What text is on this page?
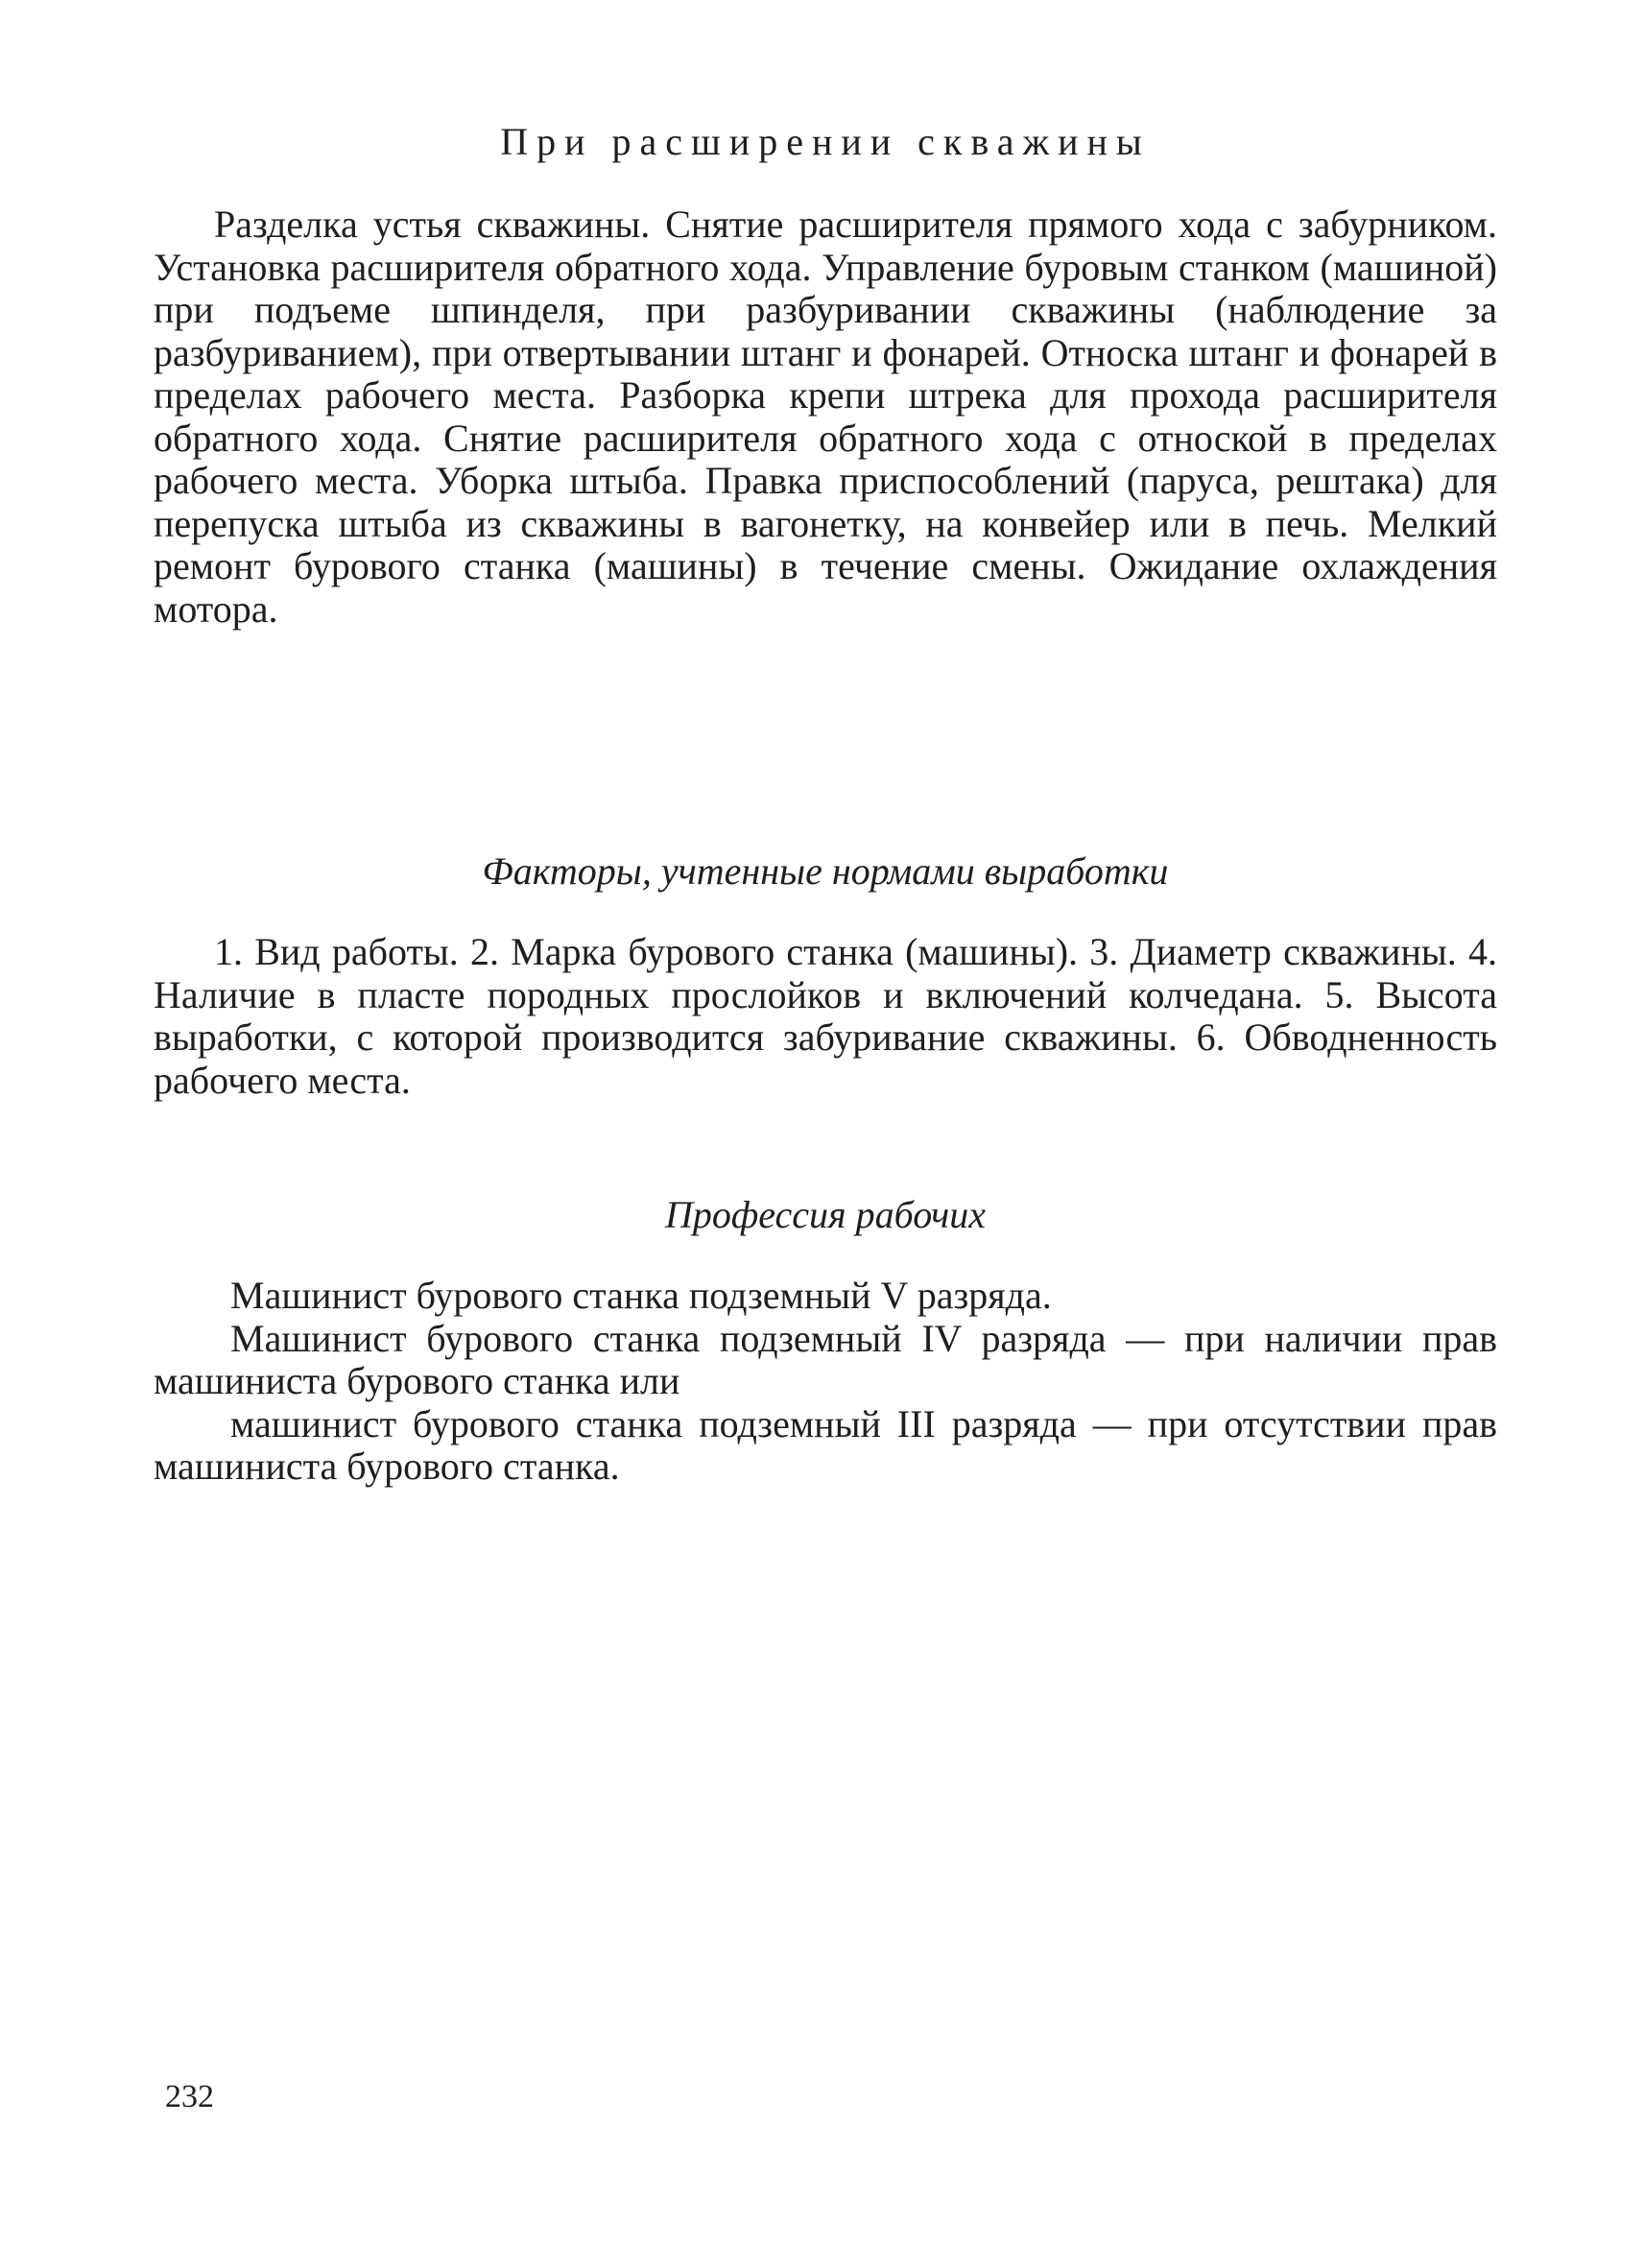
При расширении скважины

Разделка устья скважины. Снятие расширителя прямого хода с забурником. Установка расширителя обратного хода. Управление буровым станком (машиной) при подъеме шпинделя, при разбуривании скважины (наблюдение за разбуриванием), при отвертывании штанг и фонарей. Относка штанг и фонарей в пределах рабочего места. Разборка крепи штрека для прохода расширителя обратного хода. Снятие расширителя обратного хода с отноской в пределах рабочего места. Уборка штыба. Правка приспособлений (паруса, рештака) для перепуска штыба из скважины в вагонетку, на конвейер или в печь. Мелкий ремонт бурового станка (машины) в течение смены. Ожидание охлаждения мотора.

Факторы, учтенные нормами выработки

1. Вид работы. 2. Марка бурового станка (машины). 3. Диаметр скважины. 4. Наличие в пласте породных прослойков и включений колчедана. 5. Высота выработки, с которой производится забуривание скважины. 6. Обводненность рабочего места.

Профессия рабочих

Машинист бурового станка подземный V разряда.

Машинист бурового станка подземный IV разряда — при наличии прав машиниста бурового станка или

машинист бурового станка подземный III разряда — при отсутствии прав машиниста бурового станка.

232
